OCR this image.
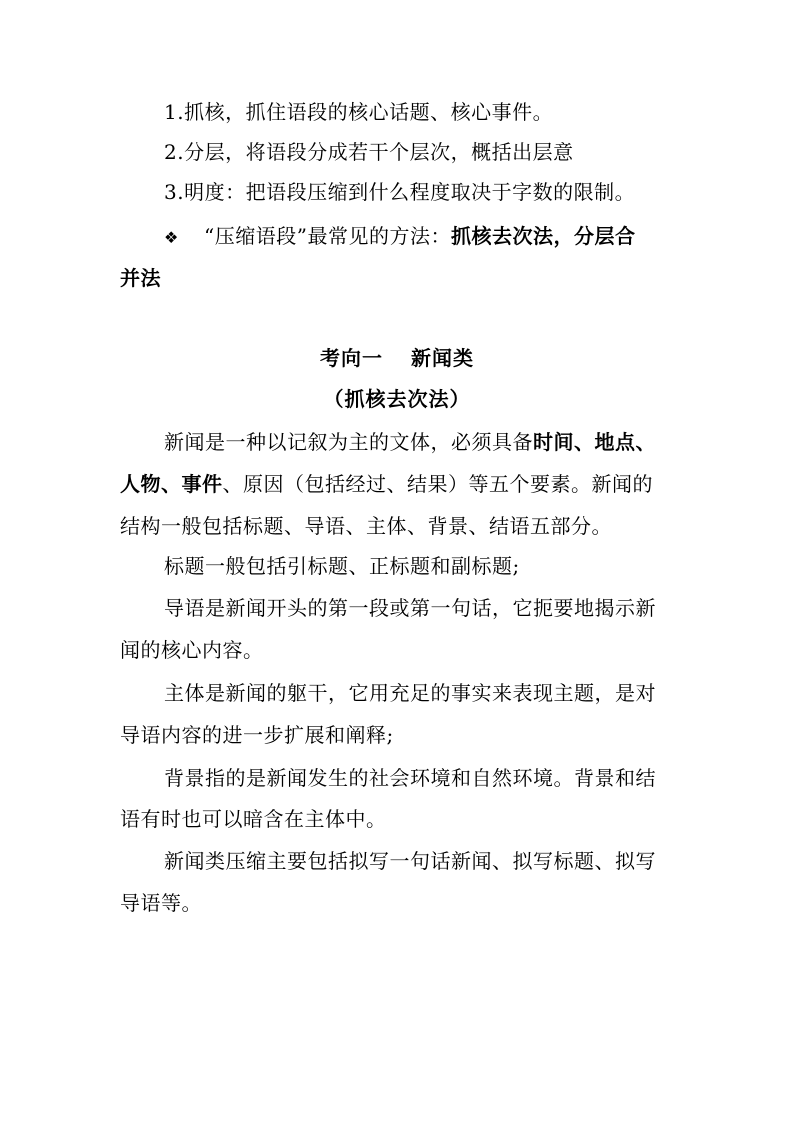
1.抓核，抓住语段的核心话题、核心事件。
2.分层，将语段分成若干个层次，概括出层意
3.明度：把语段压缩到什么程度取决于字数的限制。
❖ “压缩语段”最常见的方法：抓核去次法，分层合
并法
考向一 新闻类
（抓核去次法）
新闻是一种以记叙为主的文体，必须具备时间、地点、
人物、事件、原因（包括经过、结果）等五个要素。新闻的
结构一般包括标题、导语、主体、背景、结语五部分。
标题一般包括引标题、正标题和副标题;
导语是新闻开头的第一段或第一句话，它扼要地揭示新
闻的核心内容。
主体是新闻的躯干，它用充足的事实来表现主题，是对
导语内容的进一步扩展和阐释;
背景指的是新闻发生的社会环境和自然环境。背景和结
语有时也可以暗含在主体中。
新闻类压缩主要包括拟写一句话新闻、拟写标题、拟写
导语等。
